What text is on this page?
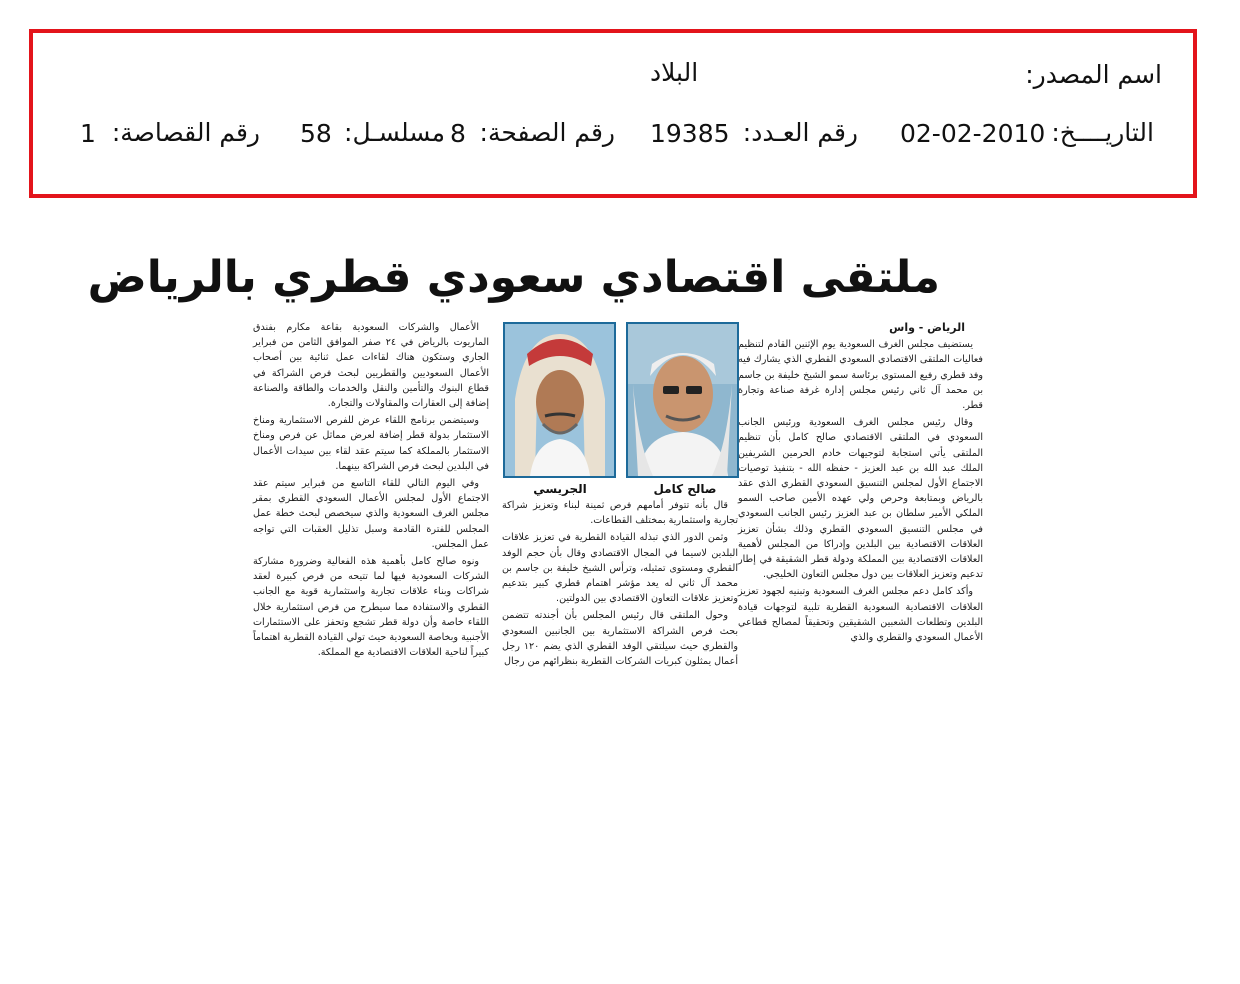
اسم المصدر:
البلاد
التاريــــخ:
02-02-2010
رقم العـدد:
19385
رقم الصفحة:
8
مسلسـل:
58
رقم القصاصة:
1
ملتقى اقتصادي سعودي قطري بالرياض

الرياض - واس

يستضيف مجلس الغرف السعودية يوم الإثنين القادم لتنظيم فعاليات الملتقى الاقتصادي السعودي القطري الذي يشارك فيه وفد قطري رفيع المستوى برئاسة سمو الشيخ خليفة بن جاسم بن محمد آل ثاني رئيس مجلس إدارة غرفة صناعة وتجارة قطر.

وقال رئيس مجلس الغرف السعودية ورئيس الجانب السعودي في الملتقى الاقتصادي صالح كامل بأن تنظيم الملتقى يأتي استجابة لتوجيهات خادم الحرمين الشريفين الملك عبد الله بن عبد العزيز - حفظه الله - بتنفيذ توصيات الاجتماع الأول لمجلس التنسيق السعودي القطري الذي عقد بالرياض وبمتابعة وحرص ولي عهده الأمين صاحب السمو الملكي الأمير سلطان بن عبد العزيز رئيس الجانب السعودي في مجلس التنسيق السعودي القطري وذلك بشأن تعزيز العلاقات الاقتصادية بين البلدين وإدراكا من المجلس لأهمية العلاقات الاقتصادية بين المملكة ودولة قطر الشقيقة في إطار تدعيم وتعزيز العلاقات بين دول مجلس التعاون الخليجي.

وأكد كامل دعم مجلس الغرف السعودية وتبنيه لجهود تعزيز العلاقات الاقتصادية السعودية القطرية تلبية لتوجهات قيادة البلدين وتطلعات الشعبين الشقيقين وتحقيقاً لمصالح قطاعي الأعمال السعودي والقطري والذي

صالح كامل
الجريسي

قال بأنه تتوفر أمامهم فرص ثمينة لبناء وتعزيز شراكة تجارية واستثمارية بمختلف القطاعات.

وثمن الدور الذي تبذله القيادة القطرية في تعزيز علاقات البلدين لاسيما في المجال الاقتصادي وقال بأن حجم الوفد القطري ومستوى تمثيله، وترأس الشيخ خليفة بن جاسم بن محمد آل ثاني له يعد مؤشر اهتمام قطري كبير بتدعيم وتعزيز علاقات التعاون الاقتصادي بين الدولتين.

وحول الملتقى قال رئيس المجلس بأن أجندته تتضمن بحث فرص الشراكة الاستثمارية بين الجانبين السعودي والقطري حيث سيلتقي الوفد القطري الذي يضم ١٢٠ رجل أعمال يمثلون كبريات الشركات القطرية بنظرائهم من رجال

الأعمال والشركات السعودية بقاعة مكارم بفندق الماريوت بالرياض في ٢٤ صفر الموافق الثامن من فبراير الجاري وستكون هناك لقاءات عمل ثنائية بين أصحاب الأعمال السعوديين والقطريين لبحث فرص الشراكة في قطاع البنوك والتأمين والنقل والخدمات والطاقة والصناعة إضافة إلى العقارات والمقاولات والتجارة.

وسيتضمن برنامج اللقاء عرض للفرص الاستثمارية ومناخ الاستثمار بدولة قطر إضافة لعرض مماثل عن فرص ومناخ الاستثمار بالمملكة كما سيتم عقد لقاء بين سيدات الأعمال في البلدين لبحث فرص الشراكة بينهما.

وفي اليوم التالي للقاء التاسع من فبراير سيتم عقد الاجتماع الأول لمجلس الأعمال السعودي القطري بمقر مجلس الغرف السعودية والذي سيخصص لبحث خطة عمل المجلس للفترة القادمة وسبل تذليل العقبات التي تواجه عمل المجلس.

ونوه صالح كامل بأهمية هذه الفعالية وضرورة مشاركة الشركات السعودية فيها لما تتيحه من فرص كبيرة لعقد شراكات وبناء علاقات تجارية واستثمارية قوية مع الجانب القطري والاستفادة مما سيطرح من فرص استثمارية خلال اللقاء خاصة وأن دولة قطر تشجع وتحفز على الاستثمارات الأجنبية وبخاصة السعودية حيث تولي القيادة القطرية اهتماماً كبيراً لناحية العلاقات الاقتصادية مع المملكة.
